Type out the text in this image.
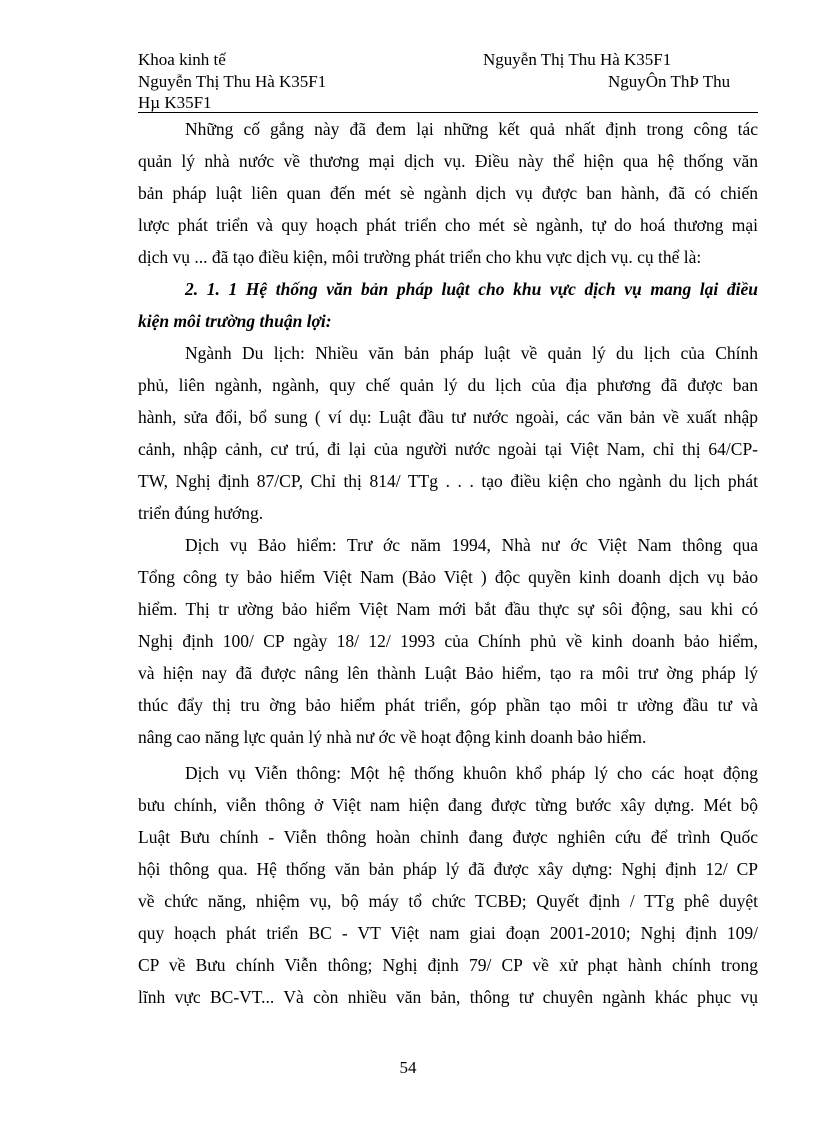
Khoa kinh tế	Nguyễn Thị Thu Hà K35F1
Nguyễn Thị Thu Hà K35F1	NguyÔn ThÞ Thu
Hµ K35F1
Những cố gắng này đã đem lại những kết quả nhất định trong công tác
quản lý nhà nước về thương mại dịch vụ. Điều này thể hiện qua hệ thống văn
bản pháp luật liên quan đến mét sè ngành dịch vụ được ban hành, đã có chiến
lược phát triển và quy hoạch phát triển cho mét sè ngành, tự do hoá thương mại
dịch vụ ... đã tạo điều kiện, môi trường phát triển cho khu vực dịch vụ. cụ thể là:
2. 1. 1 Hệ thống văn bản pháp luật cho khu vực dịch vụ mang lại điều
kiện môi trường thuận lợi:
Ngành Du lịch: Nhiều văn bản pháp luật về quản lý du lịch của Chính
phủ, liên ngành, ngành, quy chế quản lý du lịch của địa phương đã được ban
hành, sửa đổi, bổ sung ( ví dụ: Luật đầu tư nước ngoài, các văn bản về xuất nhập
cảnh, nhập cảnh, cư trú, đi lại của người nước ngoài tại Việt Nam, chỉ thị 64/CP-
TW, Nghị định 87/CP, Chỉ thị 814/ TTg . . . tạo điều kiện cho ngành du lịch phát
triển đúng hướng.
Dịch vụ Bảo hiểm: Trư ớc năm 1994, Nhà nư ớc Việt Nam thông qua
Tổng công ty bảo hiểm Việt Nam (Bảo Việt ) độc quyền kinh doanh dịch vụ bảo
hiểm. Thị tr ường bảo hiểm Việt Nam mới bắt đầu thực sự sôi động, sau khi có
Nghị định 100/ CP ngày 18/ 12/ 1993 của Chính phủ về kinh doanh bảo hiểm,
và hiện nay đã được nâng lên thành Luật Bảo hiểm, tạo ra môi trư ờng pháp lý
thúc đẩy thị tru ờng bảo hiểm phát triển, góp phần tạo môi tr ường đầu tư và
nâng cao năng lực quản lý nhà nư ớc về hoạt động kinh doanh bảo hiểm.
Dịch vụ Viễn thông: Một hệ thống khuôn khổ pháp lý cho các hoạt động
bưu chính, viễn thông ở Việt nam hiện đang được từng bước xây dựng. Mét bộ
Luật Bưu chính - Viễn thông hoàn chỉnh đang được nghiên cứu để trình Quốc
hội thông qua. Hệ thống văn bản pháp lý đã được xây dựng: Nghị định 12/ CP
về chức năng, nhiệm vụ, bộ máy tổ chức TCBĐ; Quyết định / TTg phê duyệt
quy hoạch phát triển BC - VT Việt nam giai đoạn 2001-2010; Nghị định 109/
CP về Bưu chính Viễn thông; Nghị định 79/ CP về xử phạt hành chính trong
lĩnh vực BC-VT... Và còn nhiều văn bản, thông tư chuyên ngành khác phục vụ
54
